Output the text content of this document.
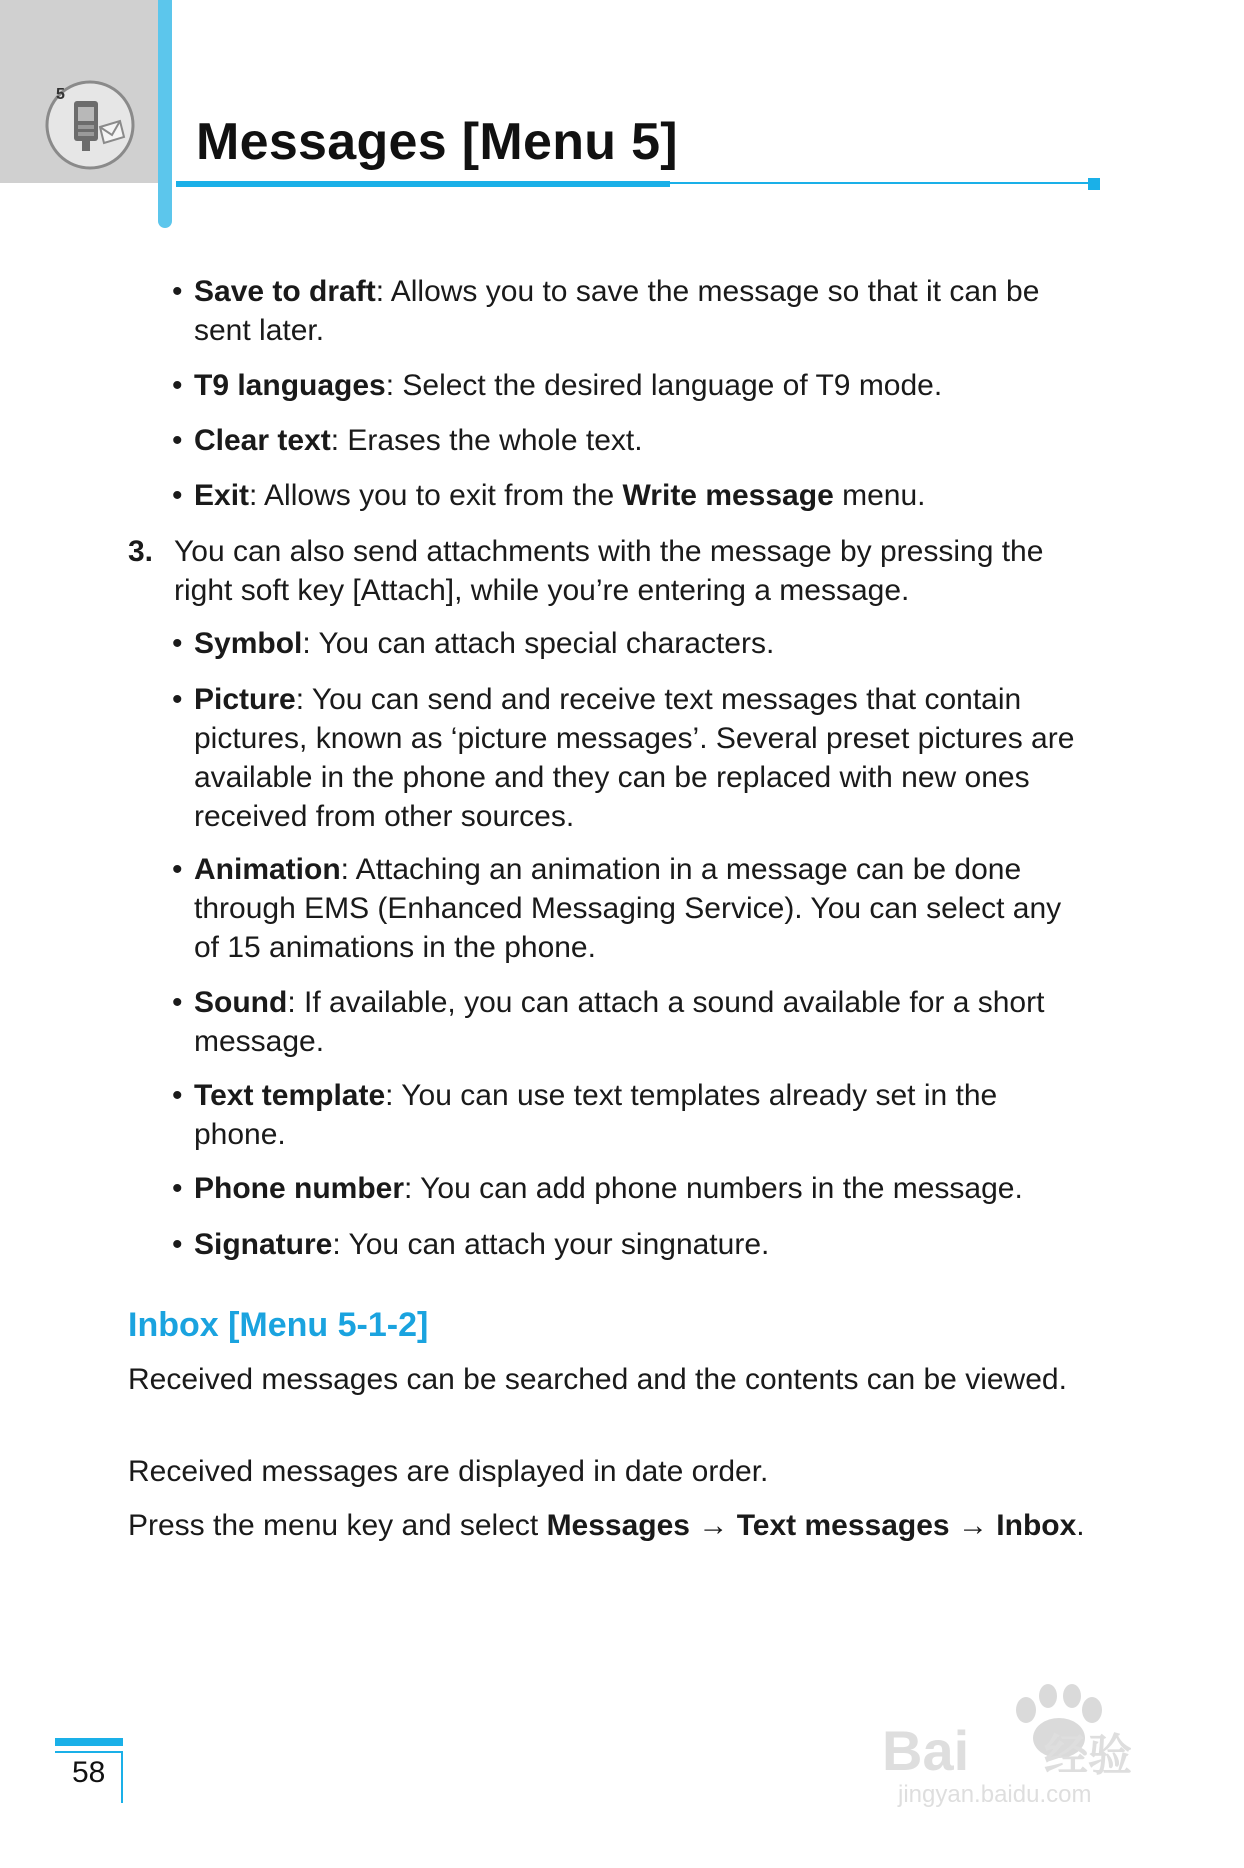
5
Messages [Menu 5]
• Save to draft: Allows you to save the message so that it can be sent later.
• T9 languages: Select the desired language of T9 mode.
• Clear text: Erases the whole text.
• Exit: Allows you to exit from the Write message menu.
3. You can also send attachments with the message by pressing the right soft key [Attach], while you’re entering a message.
• Symbol: You can attach special characters.
• Picture: You can send and receive text messages that contain pictures, known as ‘picture messages’. Several preset pictures are available in the phone and they can be replaced with new ones received from other sources.
• Animation: Attaching an animation in a message can be done through EMS (Enhanced Messaging Service). You can select any of 15 animations in the phone.
• Sound: If available, you can attach a sound available for a short message.
• Text template: You can use text templates already set in the phone.
• Phone number: You can add phone numbers in the message.
• Signature: You can attach your singnature.
Inbox [Menu 5-1-2]

Received messages can be searched and the contents can be viewed.

Received messages are displayed in date order.

Press the menu key and select Messages → Text messages → Inbox.

58	Bai du 经验
jingyan.baidu.com
